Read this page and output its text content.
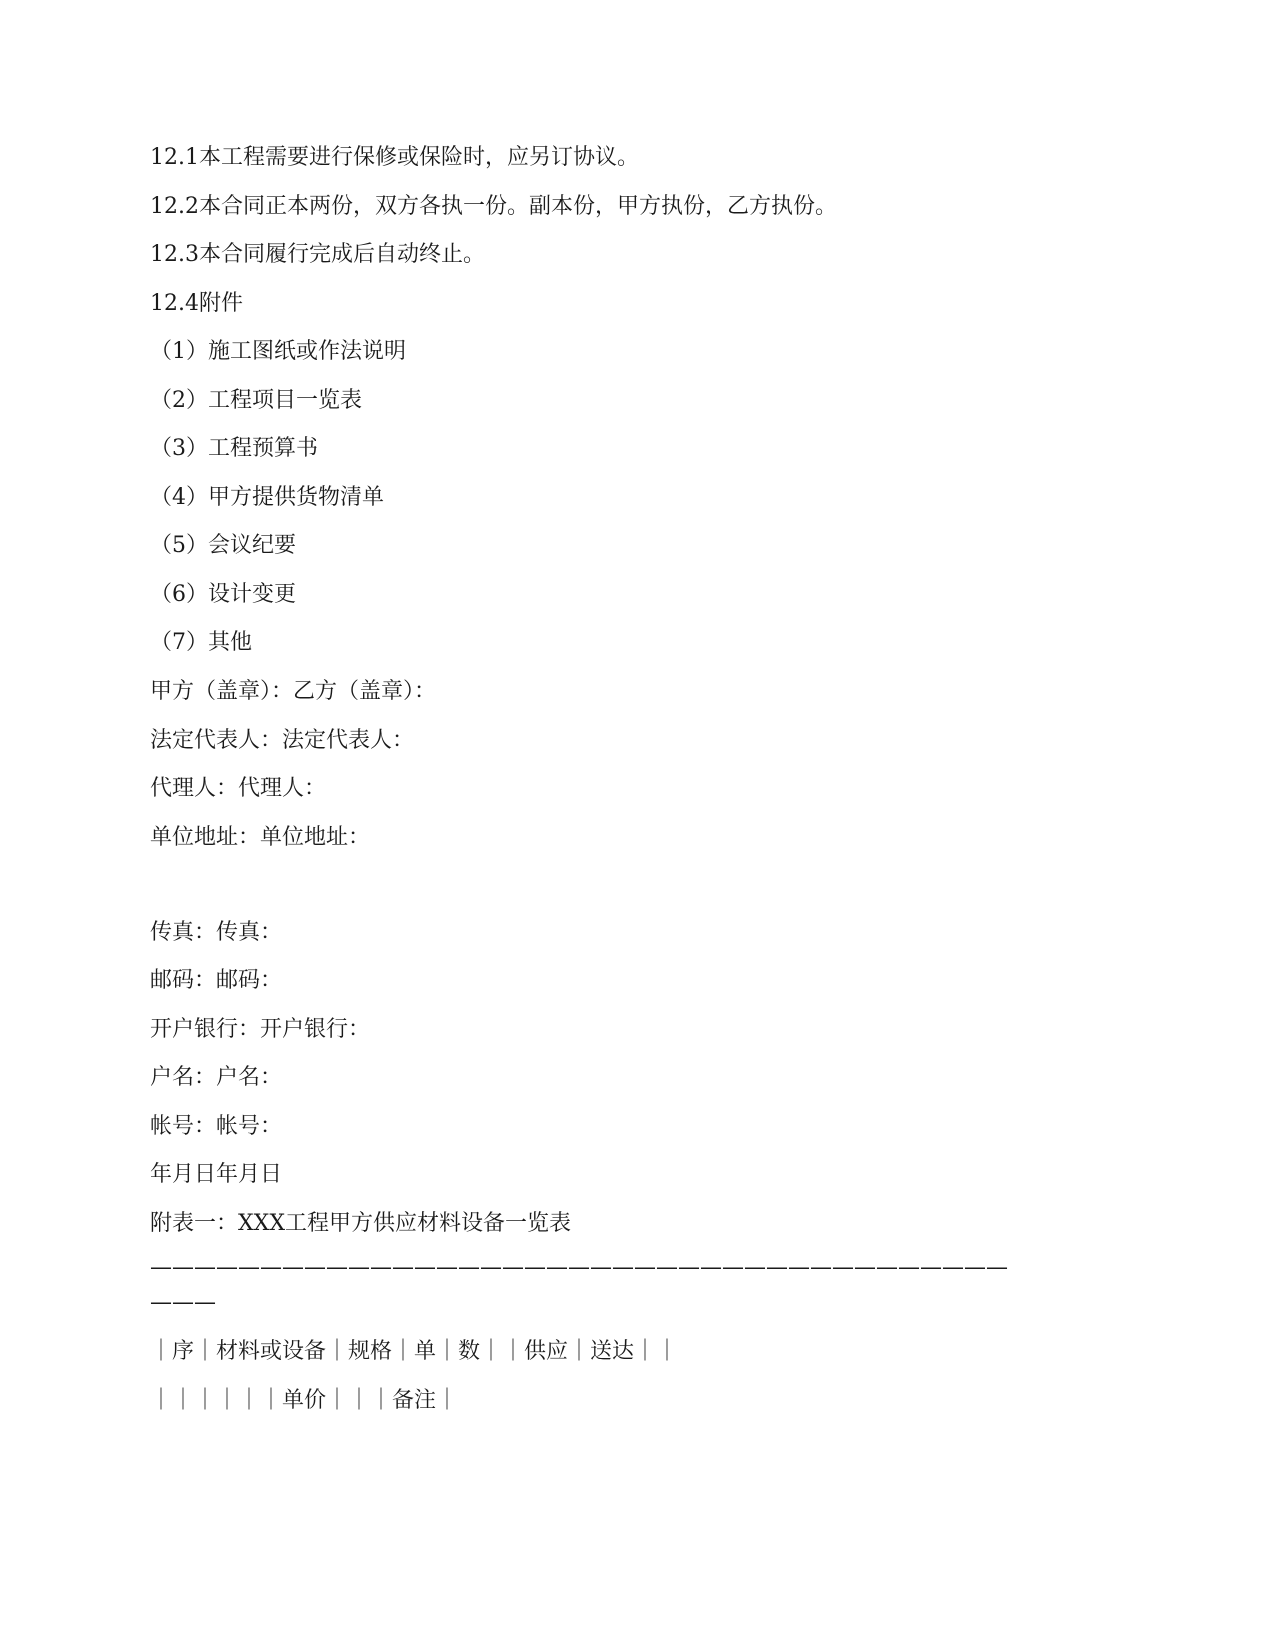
12.1本工程需要进行保修或保险时，应另订协议。
12.2本合同正本两份，双方各执一份。副本份，甲方执份，乙方执份。
12.3本合同履行完成后自动终止。
12.4附件
（1）施工图纸或作法说明
（2）工程项目一览表
（3）工程预算书
（4）甲方提供货物清单
（5）会议纪要
（6）设计变更
（7）其他
甲方（盖章）：乙方（盖章）：
法定代表人：法定代表人：
代理人：代理人：
单位地址：单位地址：
传真：传真：
邮码：邮码：
开户银行：开户银行：
户名：户名：
帐号：帐号：
年月日年月日
附表一：XXX工程甲方供应材料设备一览表
———————————————————————————————————————
———
｜序｜材料或设备｜规格｜单｜数｜｜供应｜送达｜｜
｜｜｜｜｜｜单价｜｜｜备注｜
